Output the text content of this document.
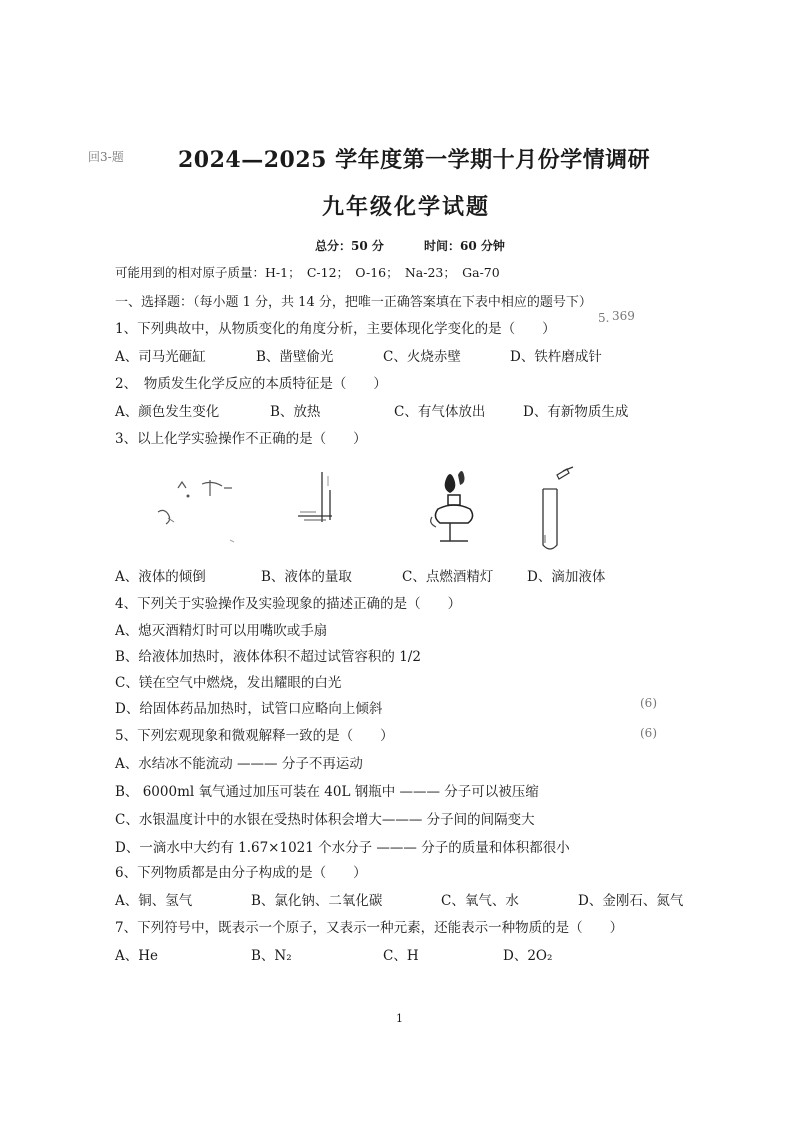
回3-题 2024—2025 学年度第一学期十月份学情调研
九年级化学试题
总分：50 分	时间：60 分钟
可能用到的相对原子质量：H-1；　C-12；　O-16；　Na-23；　Ga-70
一、选择题：（每小题 1 分，共 14 分，把唯一正确答案填在下表中相应的题号下）
1、下列典故中，从物质变化的角度分析，主要体现化学变化的是（　　）
A、司马光砸缸	B、凿壁偷光	C、火烧赤壁	D、铁杵磨成针
2、　物质发生化学反应的本质特征是（　　）
A、颜色发生变化	B、放热	C、有气体放出	D、有新物质生成
3、以上化学实验操作不正确的是（　　）
A、液体的倾倒	B、液体的量取	C、点燃酒精灯 D、滴加液体
4、下列关于实验操作及实验现象的描述正确的是（　　）
A、熄灭酒精灯时可以用嘴吹或手扇
B、给液体加热时，液体体积不超过试管容积的 1/2
C、镁在空气中燃烧，发出耀眼的白光
D、给固体药品加热时，试管口应略向上倾斜
5、下列宏观现象和微观解释一致的是（　　）
A、水结冰不能流动 ——— 分子不再运动
B、 6000ml 氧气通过加压可装在 40L 钢瓶中 ——— 分子可以被压缩
C、水银温度计中的水银在受热时体积会增大——— 分子间的间隔变大
D、一滴水中大约有 1.67×1021 个水分子 ——— 分子的质量和体积都很小
6、下列物质都是由分子构成的是（　　）
A、铜、氢气	B、氯化钠、二氧化碳	C、氧气、水	D、金刚石、氮气
7、下列符号中，既表示一个原子，又表示一种元素，还能表示一种物质的是（　　）
A、He	B、N₂	C、H	D、2O₂
5. 369
(6)
(6)
1
